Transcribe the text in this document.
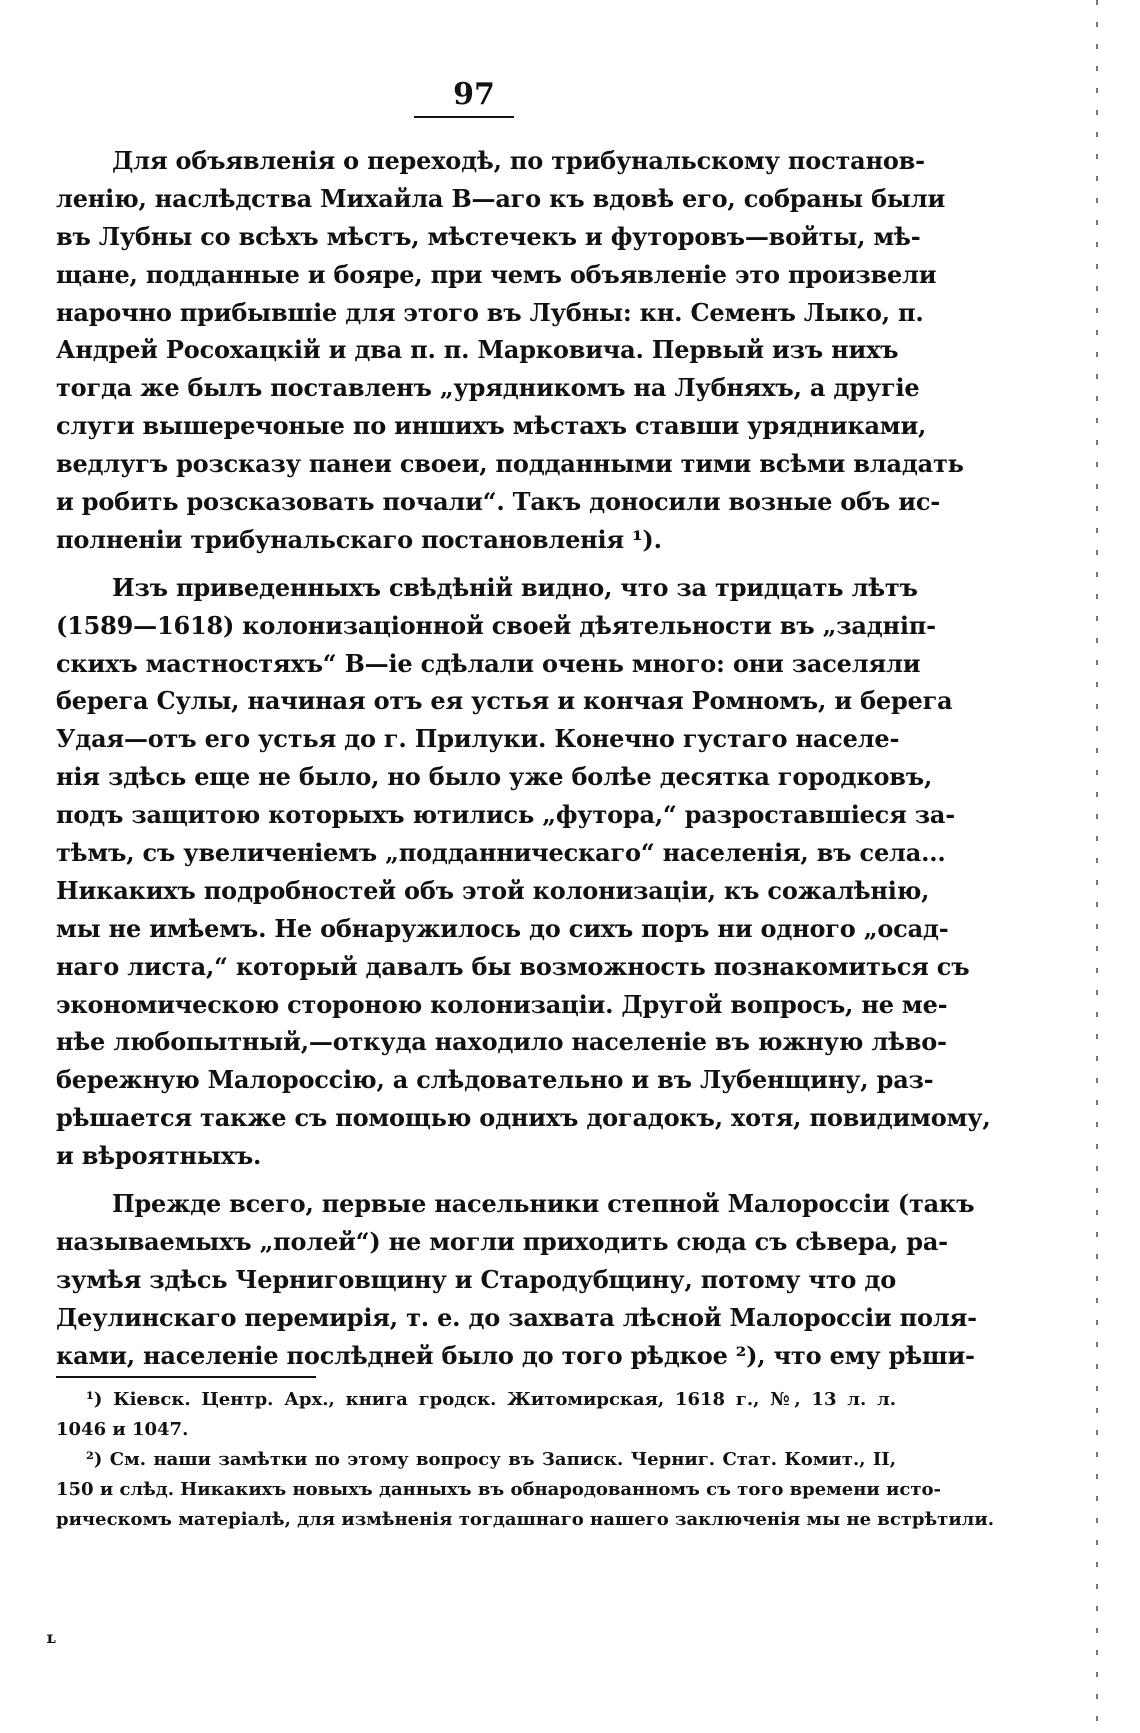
97
Для объявленія о переходѣ, по трибунальскому постанов-
ленію, наслѣдства Михайла В—аго къ вдовѣ его, собраны были
въ Лубны со всѣхъ мѣстъ, мѣстечекъ и футоровъ—войты, мѣ-
щане, подданные и бояре, при чемъ объявленіе это произвели
нарочно прибывшіе для этого въ Лубны: кн. Семенъ Лыко, п.
Андрей Росохацкій и два п. п. Марковича. Первый изъ нихъ
тогда же былъ поставленъ „урядникомъ на Лубняхъ, а другіе
слуги вышеречоные по иншихъ мѣстахъ ставши урядниками,
ведлугъ розсказу панеи своеи, подданными тими всѣми владать
и робить розсказовать почали“. Такъ доносили возные объ ис-
полненіи трибунальскаго постановленія ¹).
Изъ приведенныхъ свѣдѣній видно, что за тридцать лѣтъ
(1589—1618) колонизаціонной своей дѣятельности въ „задніп-
скихъ мастностяхъ“ В—іе сдѣлали очень много: они заселяли
берега Сулы, начиная отъ ея устья и кончая Ромномъ, и берега
Удая—отъ его устья до г. Прилуки. Конечно густаго населе-
нія здѣсь еще не было, но было уже болѣе десятка городковъ,
подъ защитою которыхъ ютились „футора,“ разроставшіеся за-
тѣмъ, съ увеличеніемъ „подданническаго“ населенія, въ села...
Никакихъ подробностей объ этой колонизаціи, къ сожалѣнію,
мы не имѣемъ. Не обнаружилось до сихъ поръ ни одного „осад-
наго листа,“ который давалъ бы возможность познакомиться съ
экономическою стороною колонизаціи. Другой вопросъ, не ме-
нѣе любопытный,—откуда находило населеніе въ южную лѣво-
бережную Малороссію, а слѣдовательно и въ Лубенщину, раз-
рѣшается также съ помощью однихъ догадокъ, хотя, повидимому,
и вѣроятныхъ.
Прежде всего, первые насельники степной Малороссіи (такъ
называемыхъ „полей“) не могли приходить сюда съ сѣвера, ра-
зумѣя здѣсь Черниговщину и Стародубщину, потому что до
Деулинскаго перемирія, т. е. до захвата лѣсной Малороссіи поля-
ками, населеніе послѣдней было до того рѣдкое ²), что ему рѣши-
¹) Кіевск. Центр. Арх., книга гродск. Житомирская, 1618 г., №, 13 л. л.
1046 и 1047.
²) См. наши замѣтки по этому вопросу въ Записк. Черниг. Стат. Комит., II,
150 и слѣд. Никакихъ новыхъ данныхъ въ обнародованномъ съ того времени исто-
рическомъ матеріалѣ, для измѣненія тогдашнаго нашего заключенія мы не встрѣтили.
ʟ
